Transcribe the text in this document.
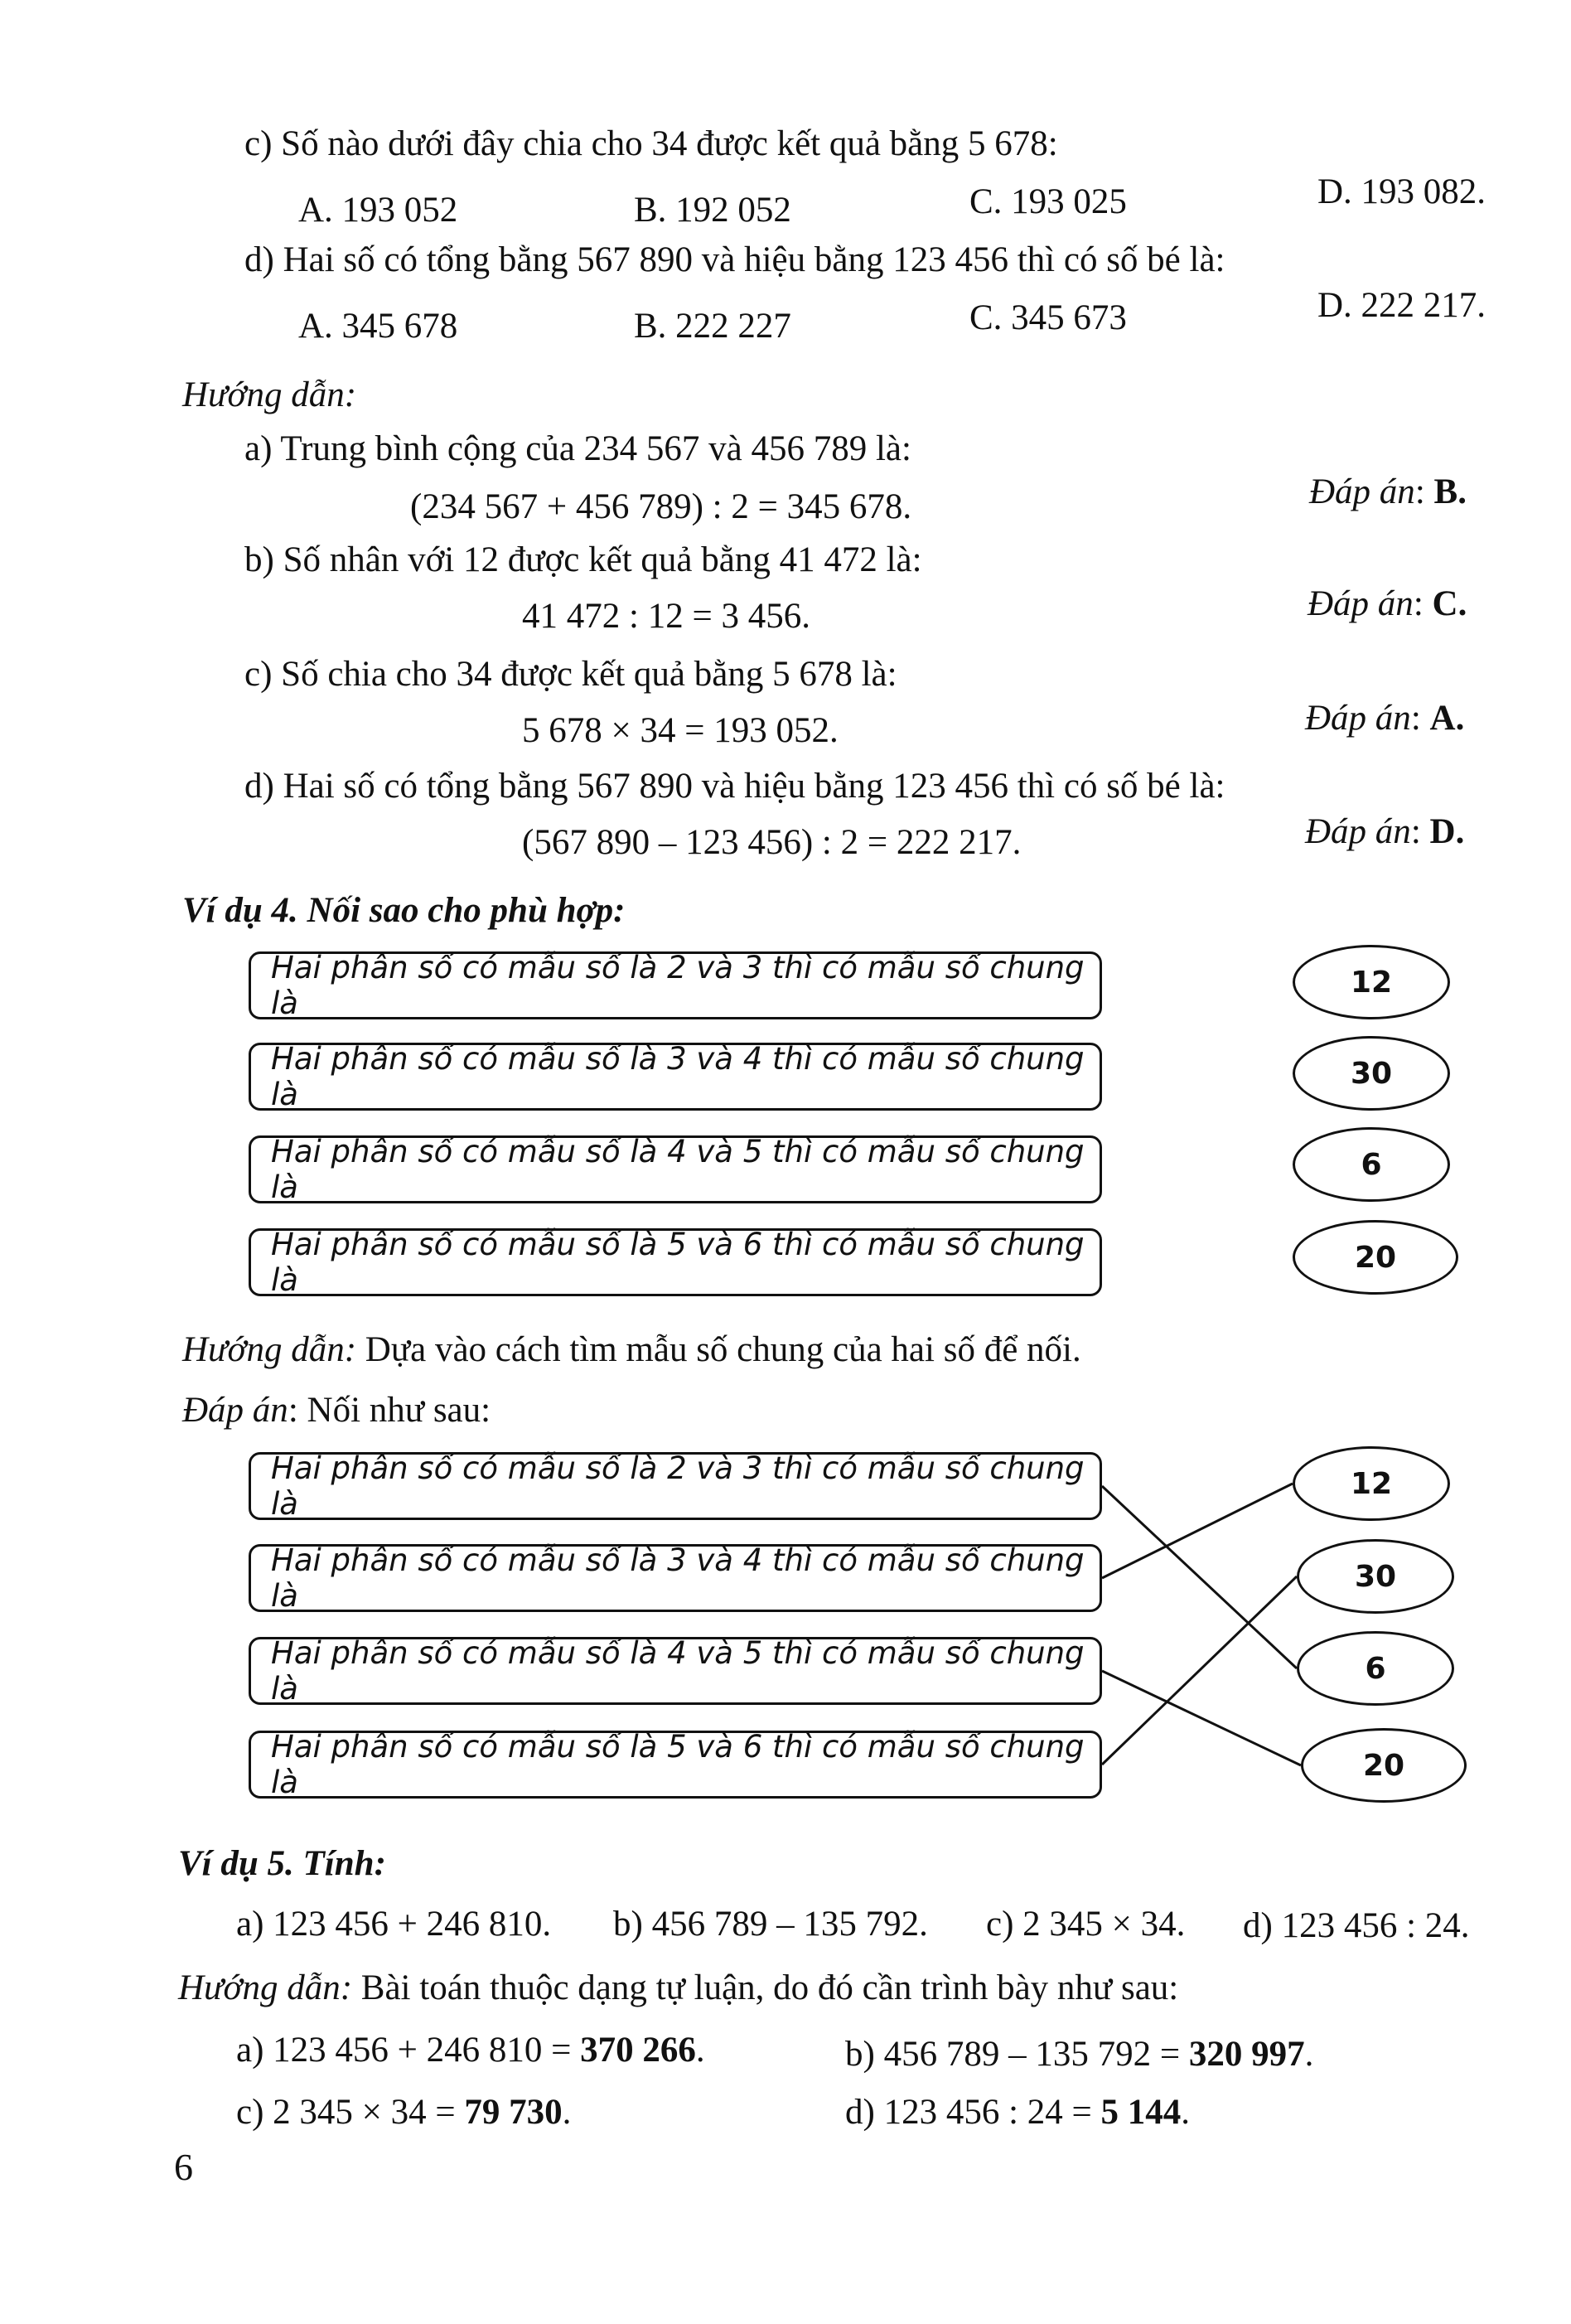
c) Số nào dưới đây chia cho 34 được kết quả bằng 5 678:
A. 193 052	B. 192 052	C. 193 025	D. 193 082.
d) Hai số có tổng bằng 567 890 và hiệu bằng 123 456 thì có số bé là:
A. 345 678	B. 222 227	C. 345 673	D. 222 217.
Hướng dẫn:
a) Trung bình cộng của 234 567 và 456 789 là:
(234 567 + 456 789) : 2 = 345 678.	Đáp án: B.
b) Số nhân với 12 được kết quả bằng 41 472 là:
41 472 : 12 = 3 456.	Đáp án: C.
c) Số chia cho 34 được kết quả bằng 5 678 là:
5 678 × 34 = 193 052.	Đáp án: A.
d) Hai số có tổng bằng 567 890 và hiệu bằng 123 456 thì có số bé là:
(567 890 – 123 456) : 2 = 222 217.	Đáp án: D.
Ví dụ 4. Nối sao cho phù hợp:
Hai phân số có mẫu số là 2 và 3 thì có mẫu số chung là
Hai phân số có mẫu số là 3 và 4 thì có mẫu số chung là
Hai phân số có mẫu số là 4 và 5 thì có mẫu số chung là
Hai phân số có mẫu số là 5 và 6 thì có mẫu số chung là
12
30
6
20
Hướng dẫn: Dựa vào cách tìm mẫu số chung của hai số để nối.
Đáp án: Nối như sau:
Hai phân số có mẫu số là 2 và 3 thì có mẫu số chung là
Hai phân số có mẫu số là 3 và 4 thì có mẫu số chung là
Hai phân số có mẫu số là 4 và 5 thì có mẫu số chung là
Hai phân số có mẫu số là 5 và 6 thì có mẫu số chung là
12
30
6
20
Ví dụ 5. Tính:
a) 123 456 + 246 810. b) 456 789 – 135 792. c) 2 345 × 34. d) 123 456 : 24.
Hướng dẫn: Bài toán thuộc dạng tự luận, do đó cần trình bày như sau:
a) 123 456 + 246 810 = 370 266.	b) 456 789 – 135 792 = 320 997.
c) 2 345 × 34 = 79 730.	d) 123 456 : 24 = 5 144.
6
